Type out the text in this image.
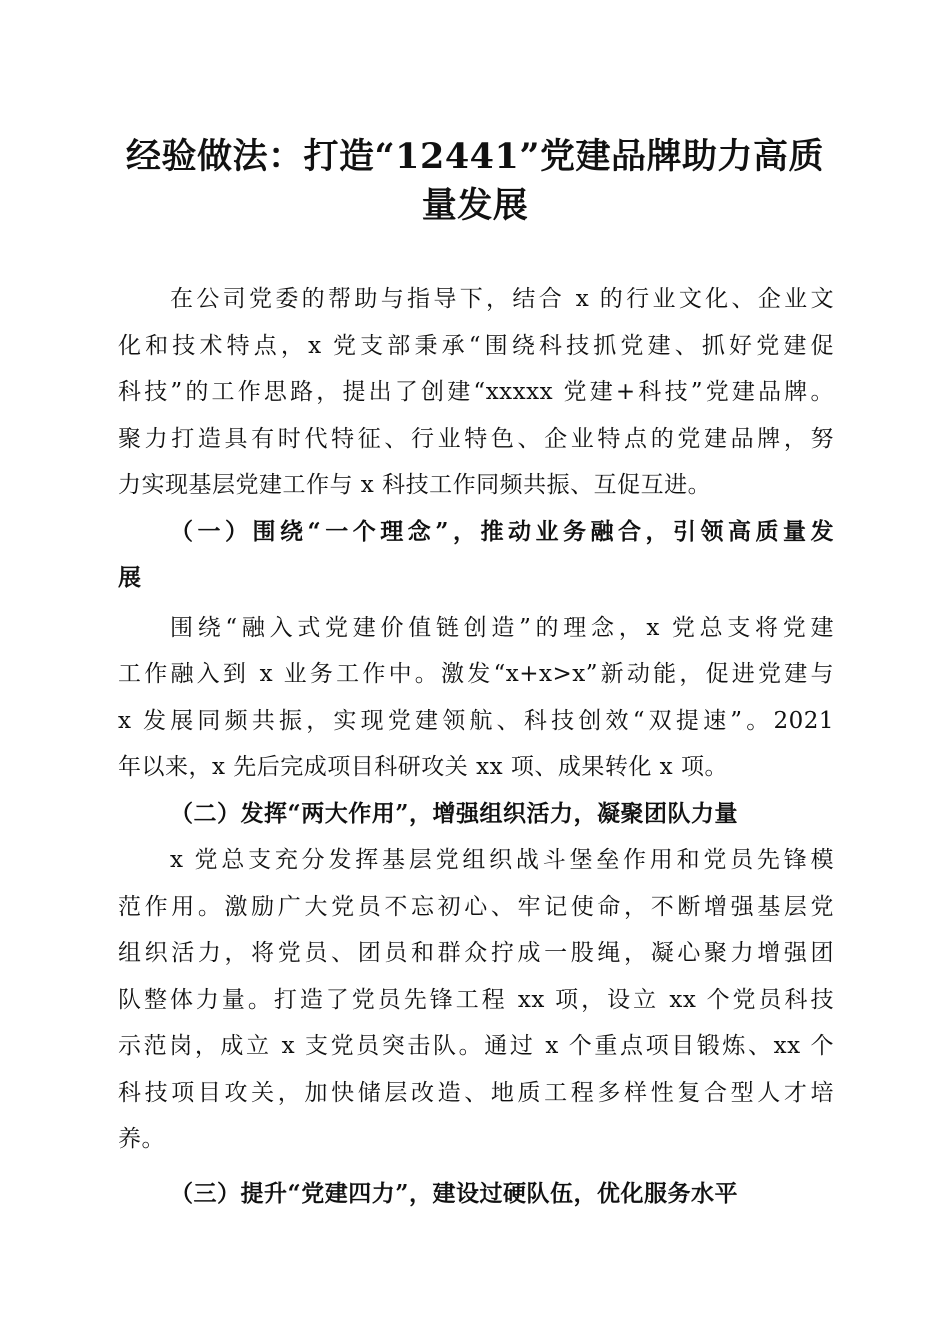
经验做法：打造“12441”党建品牌助力高质
量发展
在公司党委的帮助与指导下，结合 x 的行业文化、企业文
化和技术特点，x 党支部秉承“围绕科技抓党建、抓好党建促
科技”的工作思路，提出了创建“xxxxx 党建+科技”党建品牌。
聚力打造具有时代特征、行业特色、企业特点的党建品牌，努
力实现基层党建工作与 x 科技工作同频共振、互促互进。
（一）围绕“一个理念”，推动业务融合，引领高质量发
展
围绕“融入式党建价值链创造”的理念，x 党总支将党建
工作融入到 x 业务工作中。激发“x+x>x”新动能，促进党建与
x 发展同频共振，实现党建领航、科技创效“双提速”。2021
年以来，x 先后完成项目科研攻关 xx 项、成果转化 x 项。
（二）发挥“两大作用”，增强组织活力，凝聚团队力量
x 党总支充分发挥基层党组织战斗堡垒作用和党员先锋模
范作用。激励广大党员不忘初心、牢记使命，不断增强基层党
组织活力，将党员、团员和群众拧成一股绳，凝心聚力增强团
队整体力量。打造了党员先锋工程 xx 项，设立 xx 个党员科技
示范岗，成立 x 支党员突击队。通过 x 个重点项目锻炼、xx 个
科技项目攻关，加快储层改造、地质工程多样性复合型人才培
养。
（三）提升“党建四力”，建设过硬队伍，优化服务水平
